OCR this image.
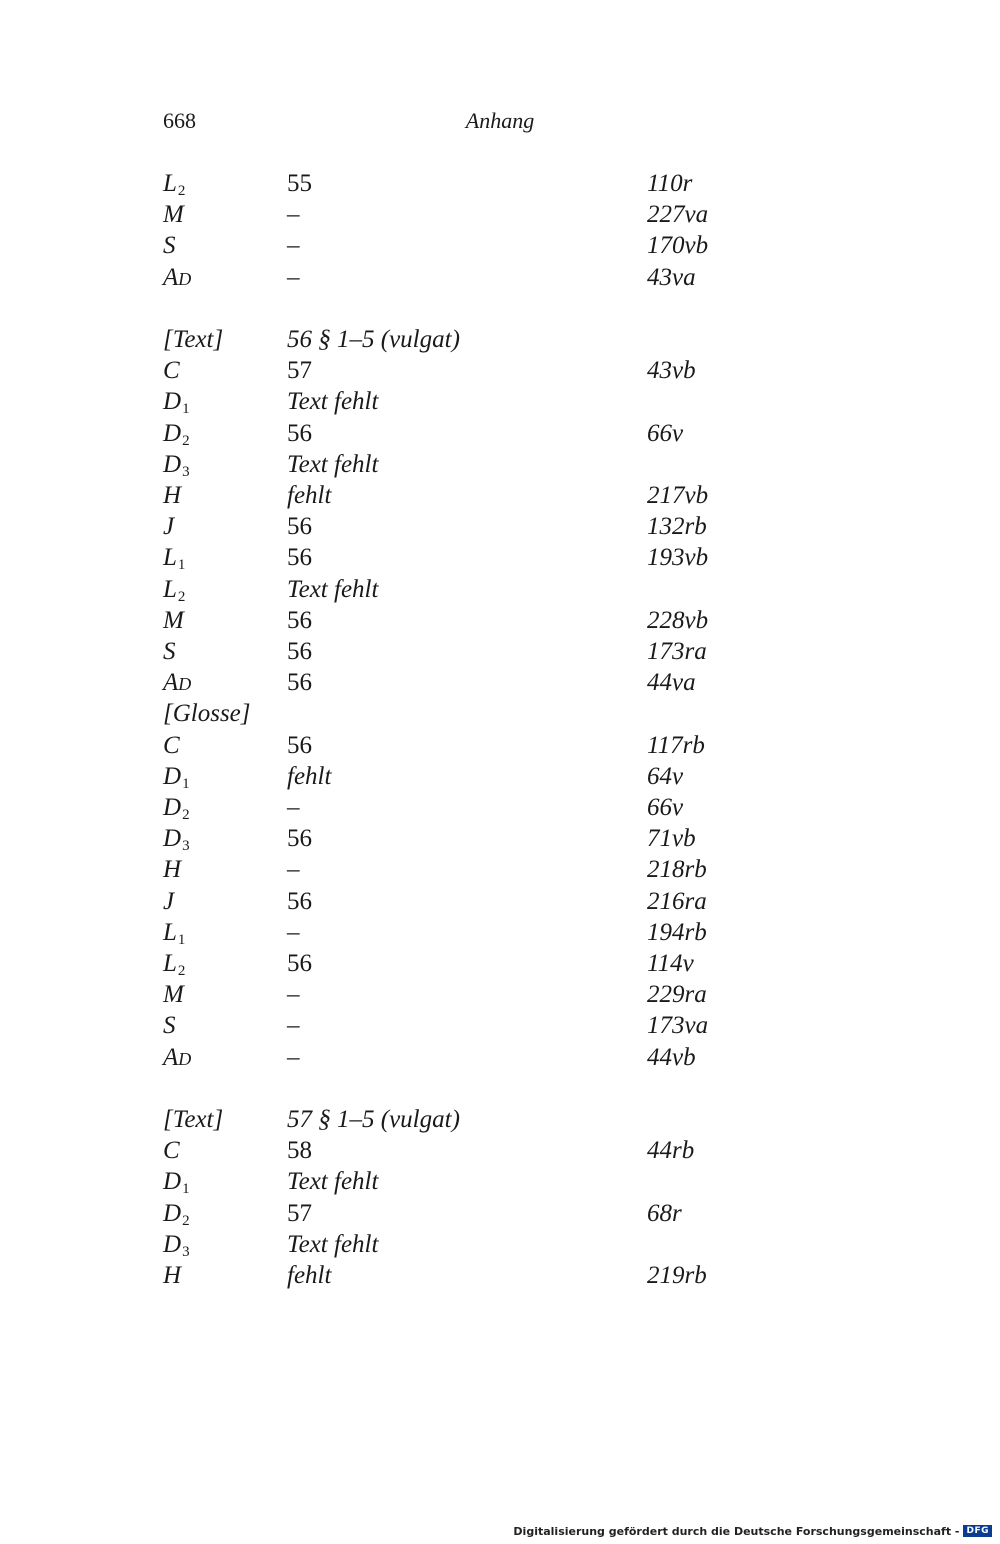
668	Anhang
$L_2$	55	110r
M	–	227va
S	–	170vb
AD	–	43va
[Text]	56 § 1–5 (vulgat)
C	57	43vb
$D_1$	Text fehlt
$D_2$	56	66v
$D_3$	Text fehlt
H	fehlt	217vb
J	56	132rb
$L_1$	56	193vb
$L_2$	Text fehlt
M	56	228vb
S	56	173ra
AD	56	44va
[Glosse]
C	56	117rb
$D_1$	fehlt	64v
$D_2$	–	66v
$D_3$	56	71vb
H	–	218rb
J	56	216ra
$L_1$	–	194rb
$L_2$	56	114v
M	–	229ra
S	–	173va
AD	–	44vb
[Text]	57 § 1–5 (vulgat)
C	58	44rb
$D_1$	Text fehlt
$D_2$	57	68r
$D_3$	Text fehlt
H	fehlt	219rb
Digitalisierung gefördert durch die Deutsche Forschungsgemeinschaft - DFG
